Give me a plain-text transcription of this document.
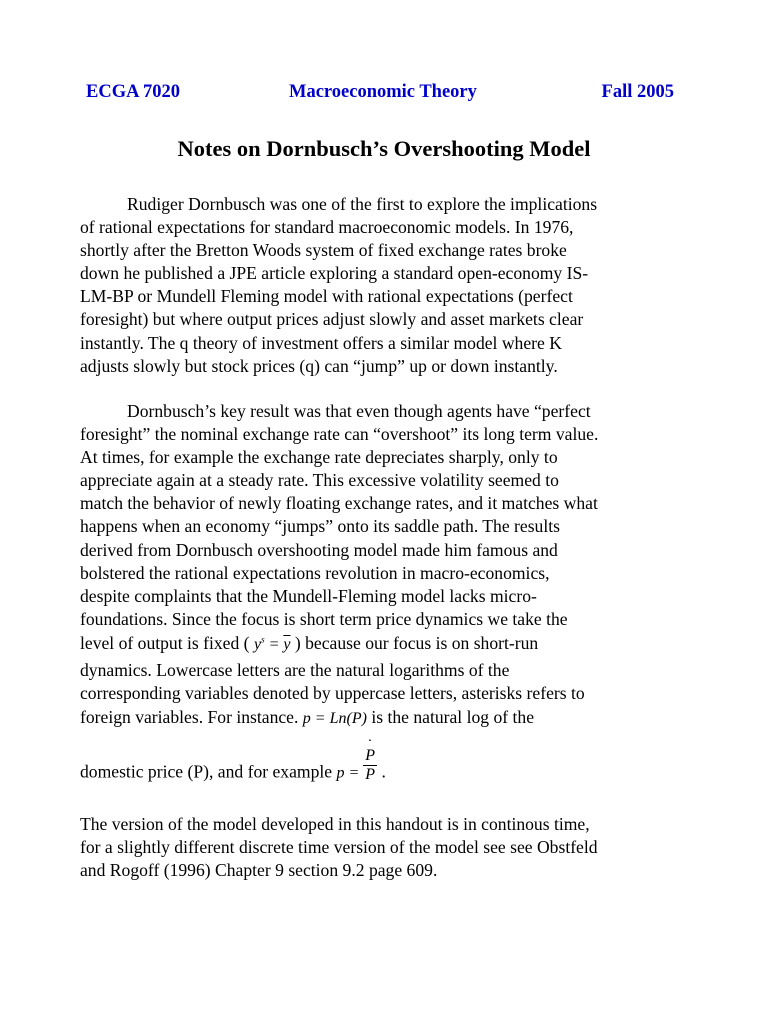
ECGA 7020	Macroeconomic Theory	Fall 2005
Notes on Dornbusch’s Overshooting Model
Rudiger Dornbusch was one of the first to explore the implications
of rational expectations for standard macroeconomic models. In 1976,
shortly after the Bretton Woods system of fixed exchange rates broke
down he published a JPE article exploring a standard open-economy IS-
LM-BP or Mundell Fleming model with rational expectations (perfect
foresight) but where output prices adjust slowly and asset markets clear
instantly. The q theory of investment offers a similar model where K
adjusts slowly but stock prices (q) can “jump” up or down instantly.
Dornbusch’s key result was that even though agents have “perfect
foresight” the nominal exchange rate can “overshoot” its long term value.
At times, for example the exchange rate depreciates sharply, only to
appreciate again at a steady rate. This excessive volatility seemed to
match the behavior of newly floating exchange rates, and it matches what
happens when an economy “jumps” onto its saddle path. The results
derived from Dornbusch overshooting model made him famous and
bolstered the rational expectations revolution in macro-economics,
despite complaints that the Mundell-Fleming model lacks micro-
foundations. Since the focus is short term price dynamics we take the
level of output is fixed ( $y^s = \overline{y}$ ) because our focus is on short-run
dynamics. Lowercase letters are the natural logarithms of the
corresponding variables denoted by uppercase letters, asterisks refers to
foreign variables. For instance. p = Ln(P) is the natural log of the
domestic price (P), and for example p = ˙ $\frac{P}{P}$ .
The version of the model developed in this handout is in continous time,
for a slightly different discrete time version of the model see see Obstfeld
and Rogoff (1996) Chapter 9 section 9.2 page 609.
